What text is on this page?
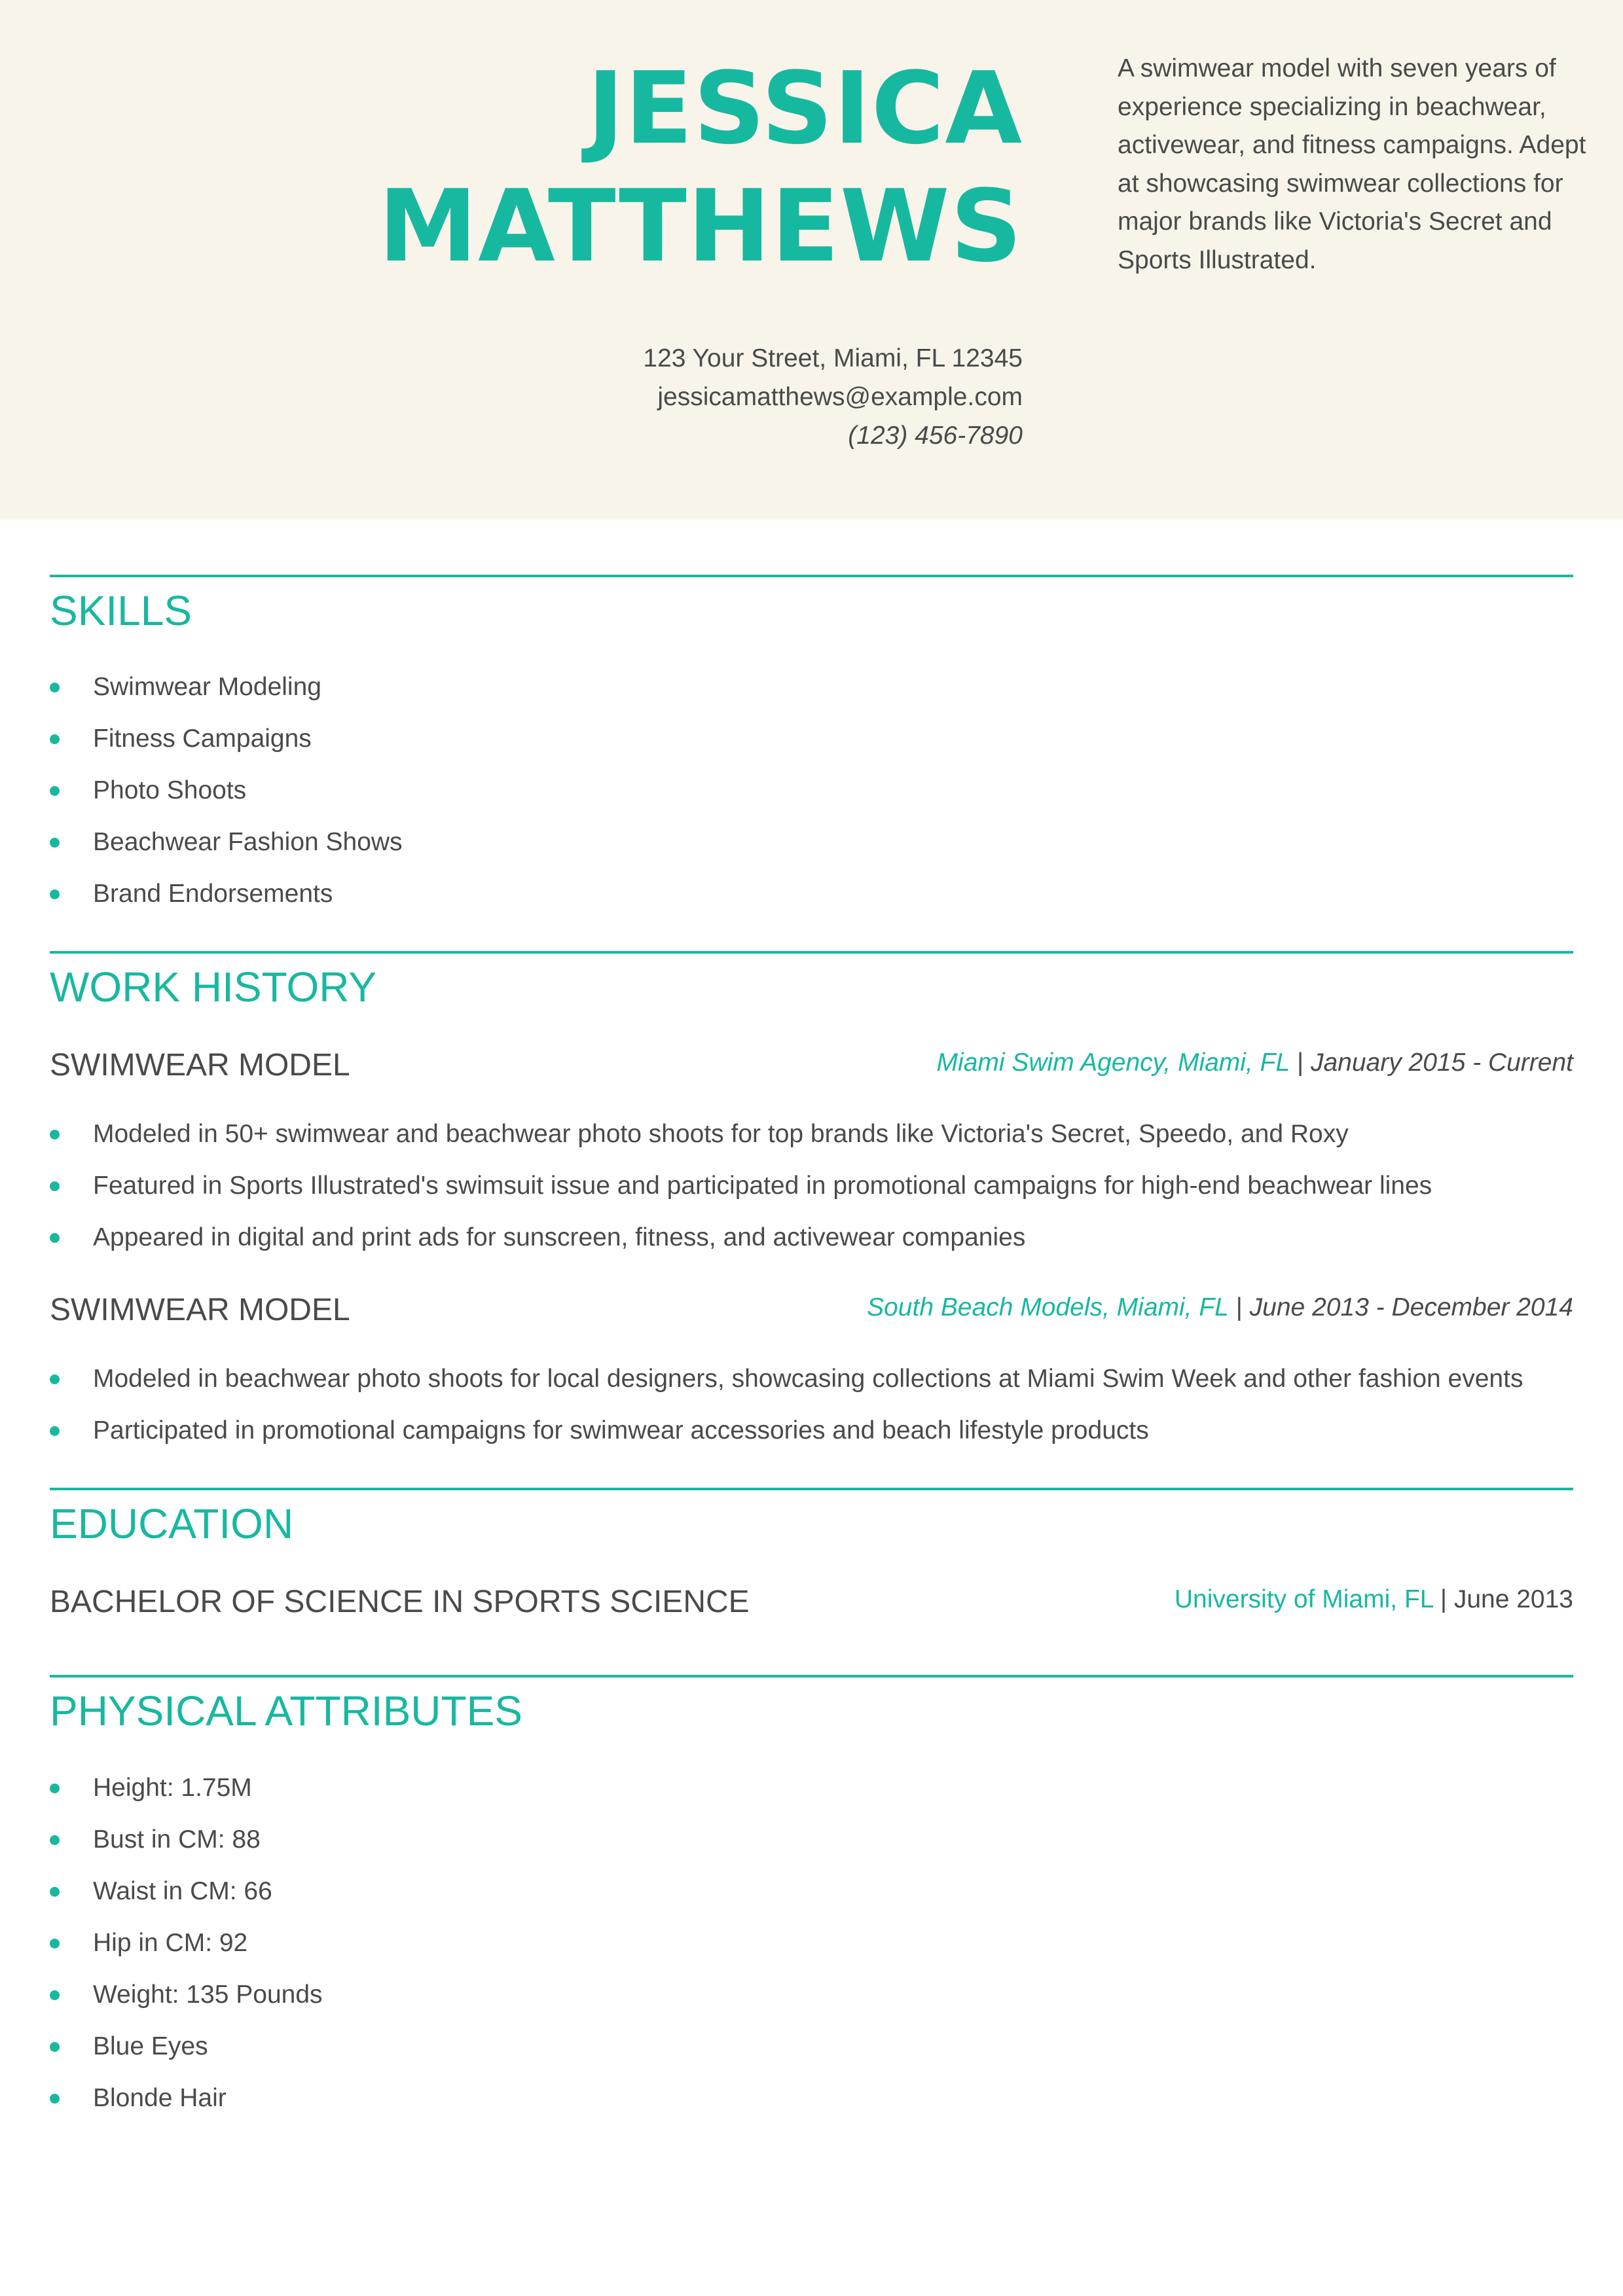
JESSICA
MATTHEWS
123 Your Street, Miami, FL 12345
jessicamatthews@example.com
(123) 456-7890
A swimwear model with seven years of experience specializing in beachwear, activewear, and fitness campaigns. Adept at showcasing swimwear collections for major brands like Victoria's Secret and Sports Illustrated.
SKILLS
Swimwear Modeling
Fitness Campaigns
Photo Shoots
Beachwear Fashion Shows
Brand Endorsements
WORK HISTORY
SWIMWEAR MODEL	Miami Swim Agency, Miami, FL | January 2015 - Current
Modeled in 50+ swimwear and beachwear photo shoots for top brands like Victoria's Secret, Speedo, and Roxy
Featured in Sports Illustrated's swimsuit issue and participated in promotional campaigns for high-end beachwear lines
Appeared in digital and print ads for sunscreen, fitness, and activewear companies
SWIMWEAR MODEL	South Beach Models, Miami, FL | June 2013 - December 2014
Modeled in beachwear photo shoots for local designers, showcasing collections at Miami Swim Week and other fashion events
Participated in promotional campaigns for swimwear accessories and beach lifestyle products
EDUCATION
BACHELOR OF SCIENCE IN SPORTS SCIENCE	University of Miami, FL | June 2013
PHYSICAL ATTRIBUTES
Height: 1.75M
Bust in CM: 88
Waist in CM: 66
Hip in CM: 92
Weight: 135 Pounds
Blue Eyes
Blonde Hair
